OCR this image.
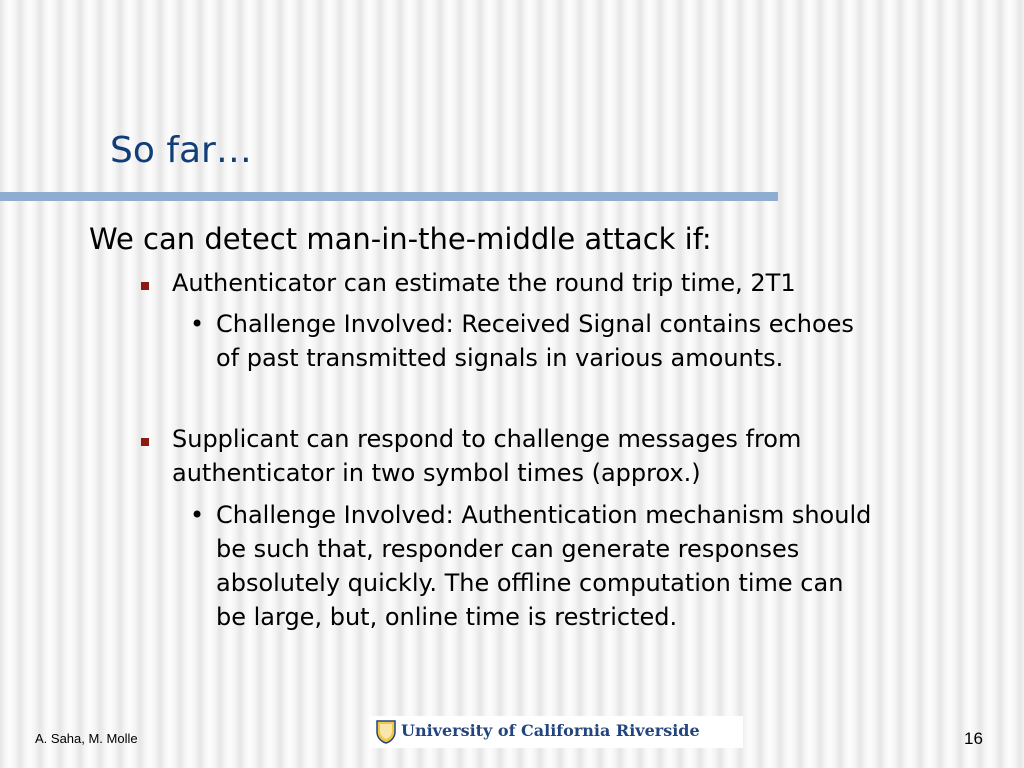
So far…
We can detect man-in-the-middle attack if:
Authenticator can estimate the round trip time, 2T1
• Challenge Involved: Received Signal contains echoes
of past transmitted signals in various amounts.
Supplicant can respond to challenge messages from
authenticator in two symbol times (approx.)
• Challenge Involved: Authentication mechanism should
be such that, responder can generate responses
absolutely quickly. The offline computation time can
be large, but, online time is restricted.
A. Saha, M. Molle	University of California Riverside	16
